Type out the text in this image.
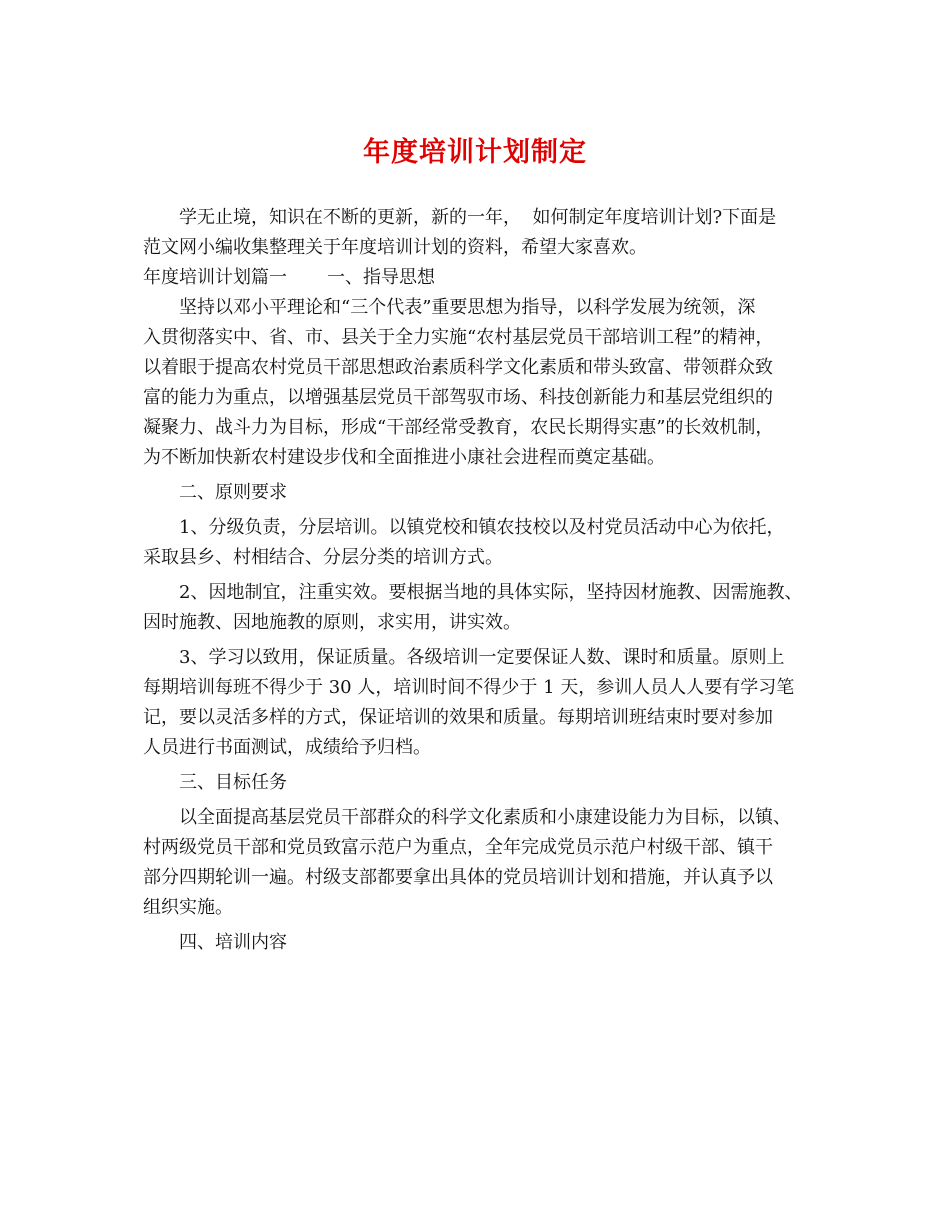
年度培训计划制定
学无止境，知识在不断的更新，新的一年，  如何制定年度培训计划?下面是
范文网小编收集整理关于年度培训计划的资料，希望大家喜欢。
年度培训计划篇一       一、指导思想
坚持以邓小平理论和“三个代表”重要思想为指导，以科学发展为统领，深
入贯彻落实中、省、市、县关于全力实施“农村基层党员干部培训工程”的精神，
以着眼于提高农村党员干部思想政治素质科学文化素质和带头致富、带领群众致
富的能力为重点，以增强基层党员干部驾驭市场、科技创新能力和基层党组织的
凝聚力、战斗力为目标，形成“干部经常受教育，农民长期得实惠”的长效机制，
为不断加快新农村建设步伐和全面推进小康社会进程而奠定基础。
二、原则要求
1、分级负责，分层培训。以镇党校和镇农技校以及村党员活动中心为依托，
采取县乡、村相结合、分层分类的培训方式。
2、因地制宜，注重实效。要根据当地的具体实际，坚持因材施教、因需施教、
因时施教、因地施教的原则，求实用，讲实效。
3、学习以致用，保证质量。各级培训一定要保证人数、课时和质量。原则上
每期培训每班不得少于 30 人，培训时间不得少于 1 天，参训人员人人要有学习笔
记，要以灵活多样的方式，保证培训的效果和质量。每期培训班结束时要对参加
人员进行书面测试，成绩给予归档。
三、目标任务
以全面提高基层党员干部群众的科学文化素质和小康建设能力为目标，以镇、
村两级党员干部和党员致富示范户为重点，全年完成党员示范户村级干部、镇干
部分四期轮训一遍。村级支部都要拿出具体的党员培训计划和措施，并认真予以
组织实施。
四、培训内容
